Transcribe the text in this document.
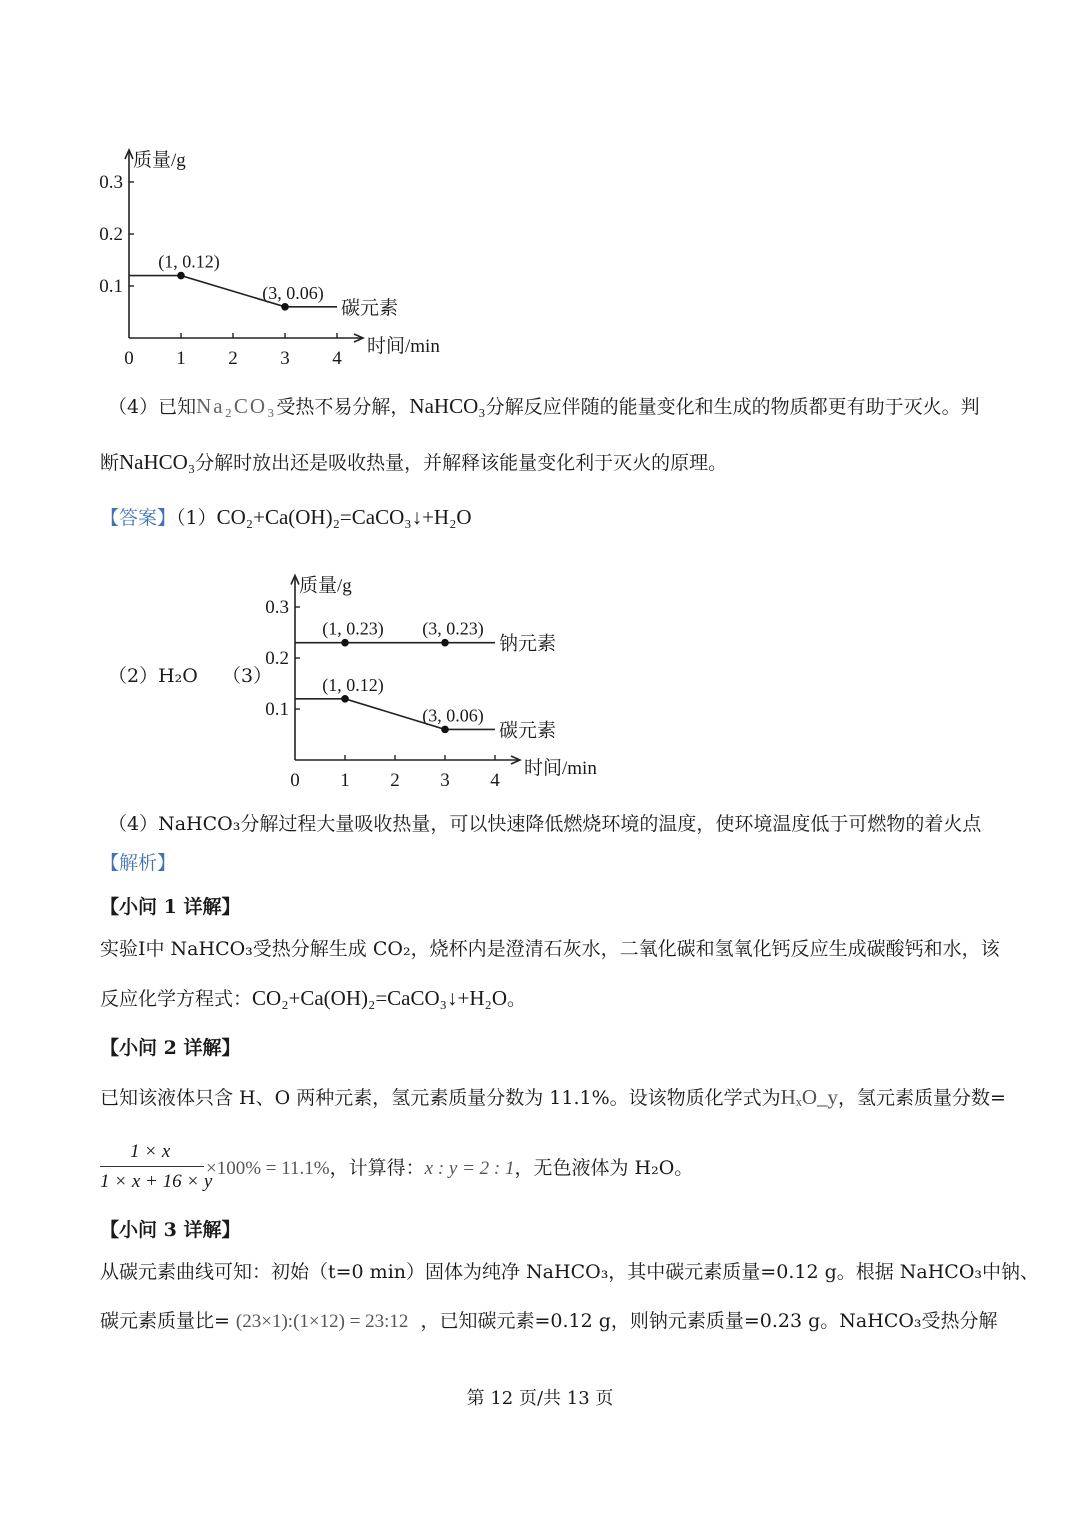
质量/g
时间/min
0 1 2 3 4
0.1
0.2
0.3
碳元素
(1, 0.12)
(3, 0.06)
（4）已知Na₂CO₃受热不易分解，NaHCO₃分解反应伴随的能量变化和生成的物质都更有助于灭火。判
断NaHCO₃分解时放出还是吸收热量，并解释该能量变化利于灭火的原理。
【答案】（1）CO₂+Ca(OH)₂=CaCO₃↓+H₂O
（2）H₂O （3）
质量/g
时间/min
0 1 2 3 4
0.1
0.2
0.3
钠元素
(1, 0.23) (3, 0.23)
碳元素
(1, 0.12)
(3, 0.06)
（4）NaHCO₃分解过程大量吸收热量，可以快速降低燃烧环境的温度，使环境温度低于可燃物的着火点
【解析】
【小问 1 详解】
实验Ⅰ中 NaHCO₃受热分解生成 CO₂，烧杯内是澄清石灰水，二氧化碳和氢氧化钙反应生成碳酸钙和水，该
反应化学方程式：CO₂+Ca(OH)₂=CaCO₃↓+H₂O。
【小问 2 详解】
已知该液体只含 H、O 两种元素，氢元素质量分数为 11.1%。设该物质化学式为HₓO_y，氢元素质量分数=
1 × x
1 × x + 16 × y
×100% = 11.1%，计算得：x : y = 2 : 1，无色液体为 H₂O。
【小问 3 详解】
从碳元素曲线可知：初始（t=0 min）固体为纯净 NaHCO₃，其中碳元素质量=0.12 g。根据 NaHCO₃中钠、
碳元素质量比= (23×1):(1×12) = 23:12 ，已知碳元素=0.12 g，则钠元素质量=0.23 g。NaHCO₃受热分解
第 12 页/共 13 页
